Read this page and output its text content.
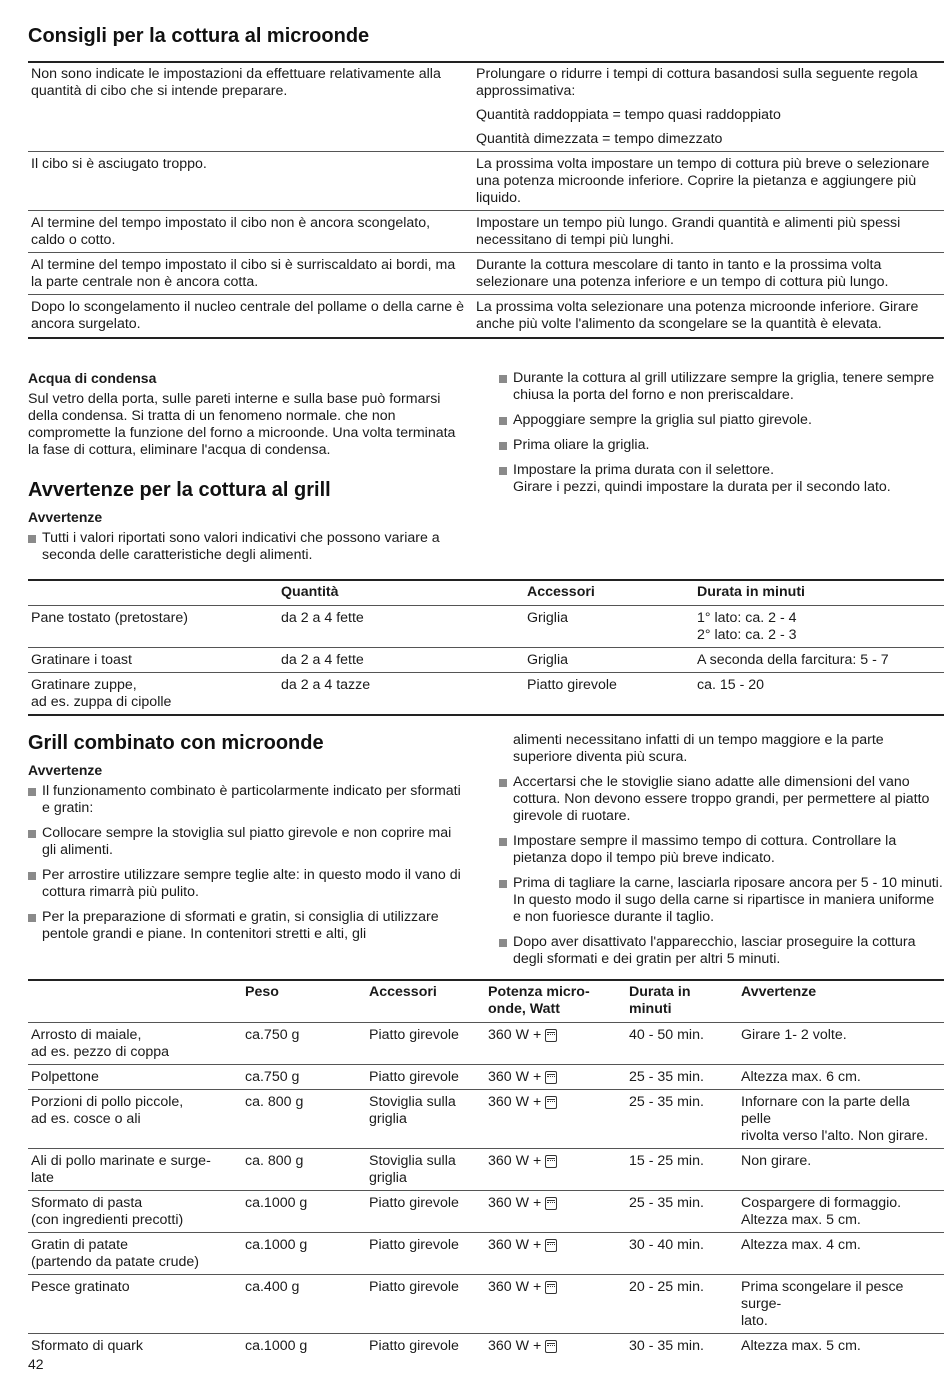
Consigli per la cottura al microonde
Non sono indicate le impostazioni da effettuare relativamente alla quantità di cibo che si intende preparare.	Prolungare o ridurre i tempi di cottura basandosi sulla seguente regola approssimativa:
Quantità raddoppiata = tempo quasi raddoppiato
Quantità dimezzata = tempo dimezzato

Il cibo si è asciugato troppo.	La prossima volta impostare un tempo di cottura più breve o selezionare una potenza microonde inferiore. Coprire la pietanza e aggiungere più liquido.

Al termine del tempo impostato il cibo non è ancora scongelato, caldo o cotto.	Impostare un tempo più lungo. Grandi quantità e alimenti più spessi necessitano di tempi più lunghi.

Al termine del tempo impostato il cibo si è surriscaldato ai bordi, ma la parte centrale non è ancora cotta.	Durante la cottura mescolare di tanto in tanto e la prossima volta selezionare una potenza inferiore e un tempo di cottura più lungo.

Dopo lo scongelamento il nucleo centrale del pollame o della carne è ancora surgelato.	La prossima volta selezionare una potenza microonde inferiore. Girare anche più volte l'alimento da scongelare se la quantità è elevata.
Acqua di condensa

Sul vetro della porta, sulle pareti interne e sulla base può formarsi della condensa. Si tratta di un fenomeno normale. che non compromette la funzione del forno a microonde. Una volta terminata la fase di cottura, eliminare l'acqua di condensa.

Avvertenze per la cottura al grill
Avvertenze
Tutti i valori riportati sono valori indicativi che possono variare a seconda delle caratteristiche degli alimenti.
Durante la cottura al grill utilizzare sempre la griglia, tenere sempre chiusa la porta del forno e non preriscaldare.
Appoggiare sempre la griglia sul piatto girevole.
Prima oliare la griglia.
Impostare la prima durata con il selettore.
Girare i pezzi, quindi impostare la durata per il secondo lato.
	Quantità	Accessori	Durata in minuti
Pane tostato (pretostare)	da 2 a 4 fette	Griglia	1° lato: ca. 2 - 4
2° lato: ca. 2 - 3
Gratinare i toast	da 2 a 4 fette	Griglia	A seconda della farcitura: 5 - 7
Gratinare zuppe,
ad es. zuppa di cipolle	da 2 a 4 tazze	Piatto girevole	ca. 15 - 20
Grill combinato con microonde
Avvertenze
Il funzionamento combinato è particolarmente indicato per sformati e gratin:
Collocare sempre la stoviglia sul piatto girevole e non coprire mai gli alimenti.
Per arrostire utilizzare sempre teglie alte: in questo modo il vano di cottura rimarrà più pulito.
Per la preparazione di sformati e gratin, si consiglia di utilizzare pentole grandi e piane. In contenitori stretti e alti, gli

alimenti necessitano infatti di un tempo maggiore e la parte superiore diventa più scura.

Accertarsi che le stoviglie siano adatte alle dimensioni del vano cottura. Non devono essere troppo grandi, per permettere al piatto girevole di ruotare.
Impostare sempre il massimo tempo di cottura. Controllare la pietanza dopo il tempo più breve indicato.
Prima di tagliare la carne, lasciarla riposare ancora per 5 - 10 minuti. In questo modo il sugo della carne si ripartisce in maniera uniforme e non fuoriesce durante il taglio.
Dopo aver disattivato l'apparecchio, lasciar proseguire la cottura degli sformati e dei gratin per altri 5 minuti.
	Peso	Accessori	Potenza micro-
onde, Watt	Durata in
minuti	Avvertenze
Arrosto di maiale,
ad es. pezzo di coppa	ca.750 g	Piatto girevole	360 W +	40 - 50 min.	Girare 1- 2 volte.
Polpettone	ca.750 g	Piatto girevole	360 W +	25 - 35 min.	Altezza max. 6 cm.
Porzioni di pollo piccole,
ad es. cosce o ali	ca. 800 g	Stoviglia sulla
griglia	360 W +	25 - 35 min.	Infornare con la parte della pelle
rivolta verso l'alto. Non girare.
Ali di pollo marinate e surge-
late	ca. 800 g	Stoviglia sulla
griglia	360 W +	15 - 25 min.	Non girare.
Sformato di pasta
(con ingredienti precotti)	ca.1000 g	Piatto girevole	360 W +	25 - 35 min.	Cospargere di formaggio.
Altezza max. 5 cm.
Gratin di patate
(partendo da patate crude)	ca.1000 g	Piatto girevole	360 W +	30 - 40 min.	Altezza max. 4 cm.
Pesce gratinato	ca.400 g	Piatto girevole	360 W +	20 - 25 min.	Prima scongelare il pesce surge-
lato.
Sformato di quark	ca.1000 g	Piatto girevole	360 W +	30 - 35 min.	Altezza max. 5 cm.
42
